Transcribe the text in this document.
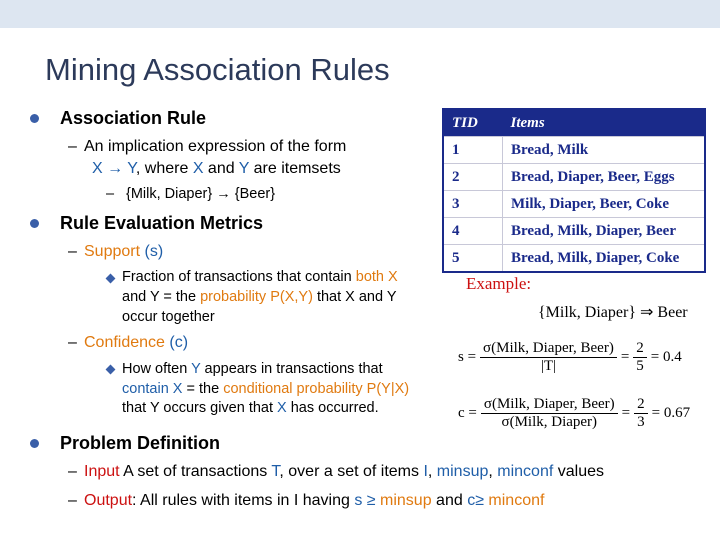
Mining Association Rules
Association Rule
– An implication expression of the form
X → Y, where X and Y are itemsets
– {Milk, Diaper} → {Beer}
Rule Evaluation Metrics
– Support (s)
Fraction of transactions that contain both X
and Y = the probability P(X,Y) that X and Y
occur together
– Confidence (c)
How often Y appears in transactions that
contain X = the conditional probability P(Y|X)
that Y occurs given that X has occurred.
TID	Items
1	Bread, Milk
2	Bread, Diaper, Beer, Eggs
3	Milk, Diaper, Beer, Coke
4	Bread, Milk, Diaper, Beer
5	Bread, Milk, Diaper, Coke
Example:
{Milk, Diaper} ⇒ Beer
$s = \frac{\text{σ(Milk, Diaper, Beer)}}{|T|} = \frac{2}{5} = 0.4$
$c = \frac{\text{σ(Milk, Diaper, Beer)}}{\text{σ(Milk, Diaper)}} = \frac{2}{3} = 0.67$
Problem Definition
– Input A set of transactions T, over a set of items I, minsup, minconf values
– Output: All rules with items in I having s ≥ minsup and c≥ minconf
